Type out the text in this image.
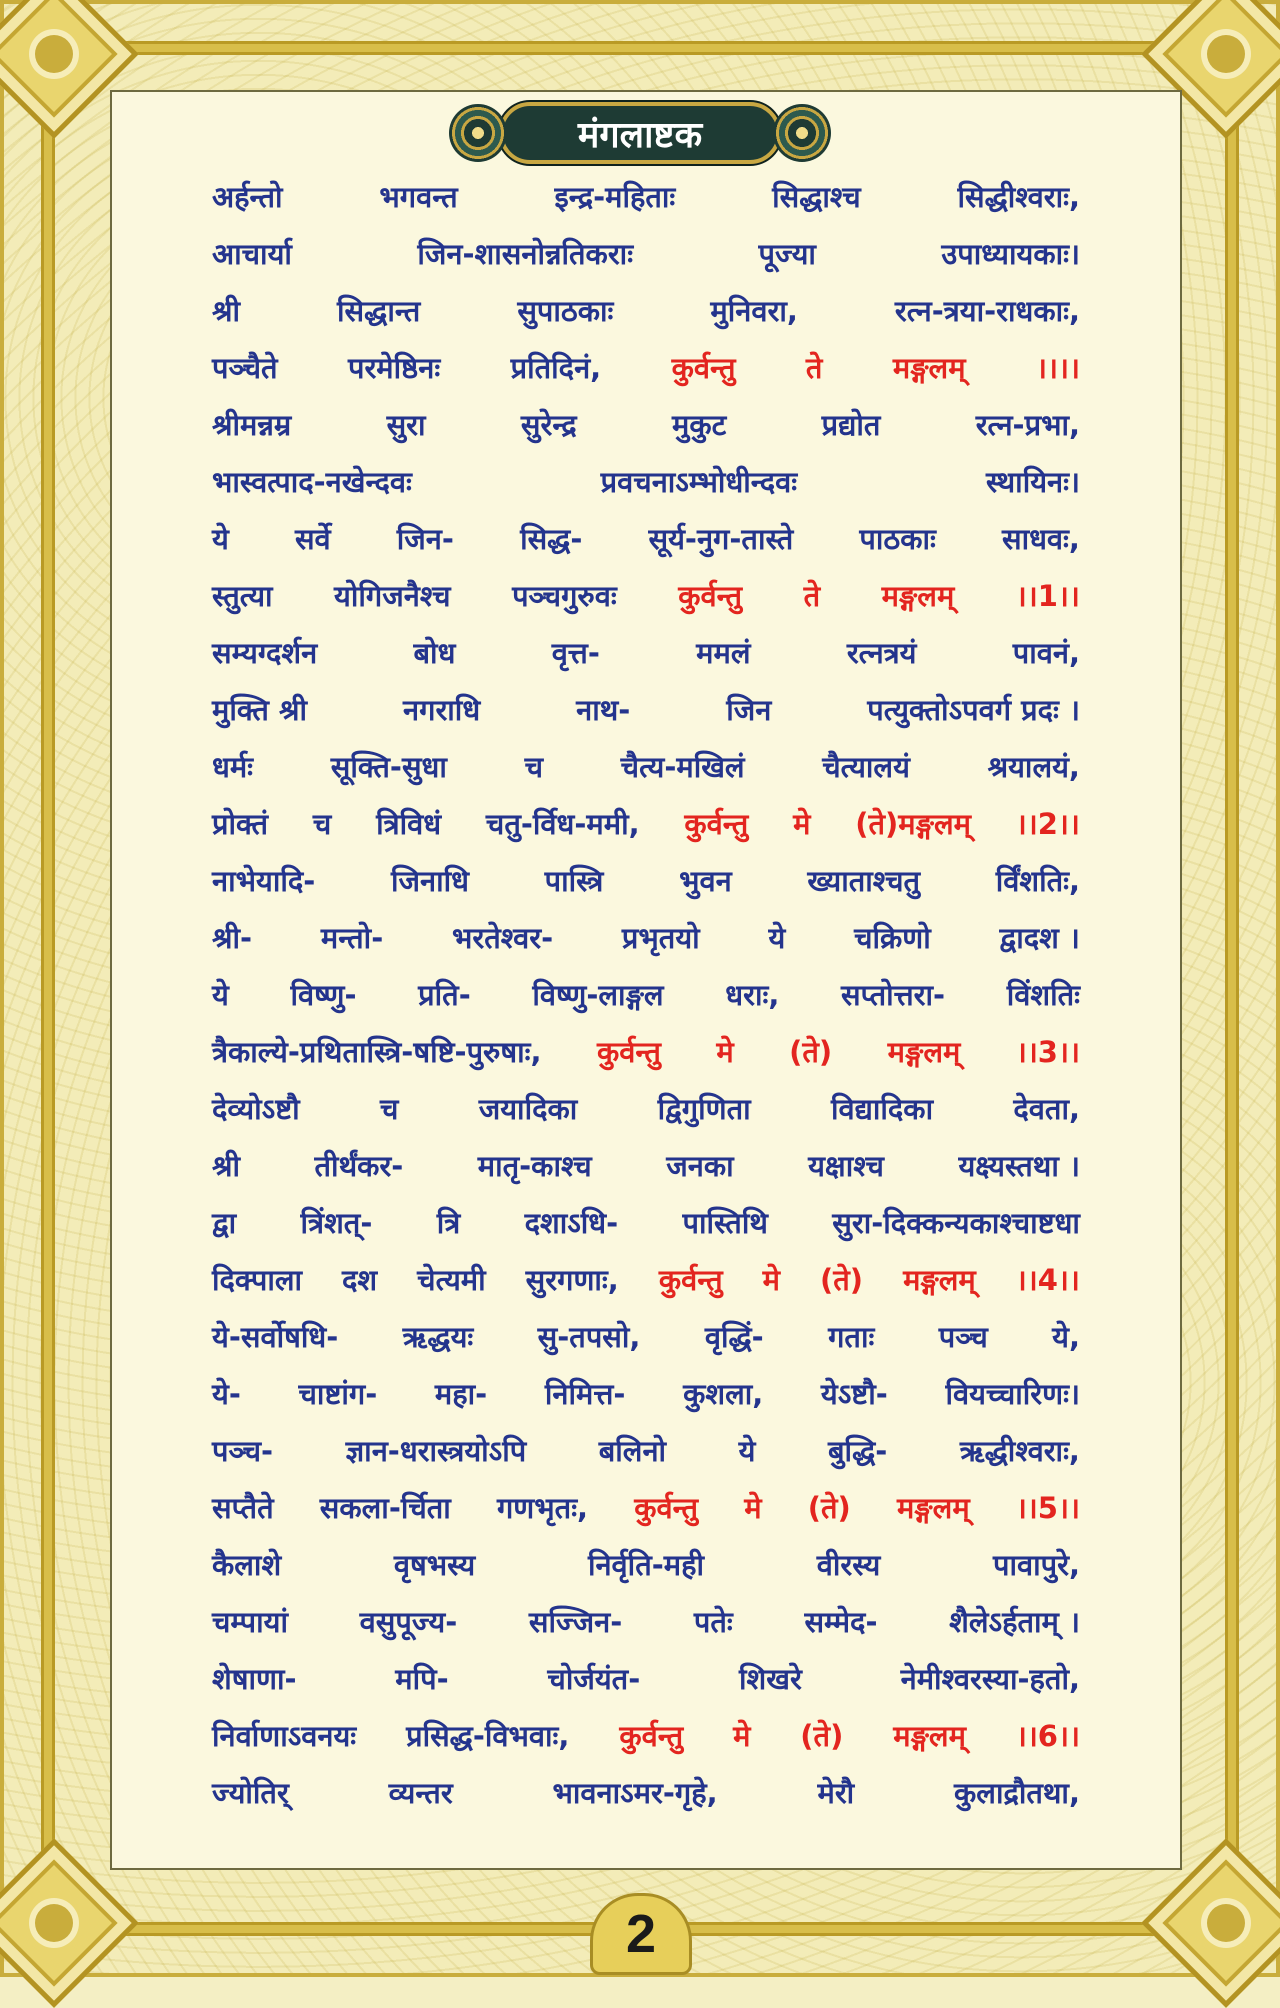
मंगलाष्टक
अर्हन्तो	भगवन्त	इन्द्र-महिताः	सिद्धाश्च	सिद्धीश्वराः,
आचार्या	जिन-शासनोन्नतिकराः	पूज्या	उपाध्यायकाः।
श्री	सिद्धान्त	सुपाठकाः	मुनिवरा,	रत्न-त्रया-राधकाः,
पञ्चैते परमेष्ठिनः प्रतिदिनं, कुर्वन्तु ते मङ्गलम् ।।।।
श्रीमन्नम्र	सुरा	सुरेन्द्र	मुकुट	प्रद्योत	रत्न-प्रभा,
भास्वत्पाद-नखेन्दवः	प्रवचनाऽम्भोधीन्दवः	स्थायिनः।
ये सर्वे जिन- सिद्ध- सूर्य-नुग-तास्ते पाठकाः साधवः,
स्तुत्या योगिजनैश्च पञ्चगुरुवः कुर्वन्तु ते मङ्गलम् ।।1।।
सम्यग्दर्शन	बोध	वृत्त-	ममलं	रत्नत्रयं	पावनं,
मुक्ति श्री	नगराधि	नाथ-	जिन	पत्युक्तोऽपवर्ग प्रदः ।
धर्मः	सूक्ति-सुधा	च	चैत्य-मखिलं	चैत्यालयं	श्रयालयं,
प्रोक्तं च त्रिविधं चतु-र्विध-ममी, कुर्वन्तु मे (ते)मङ्गलम् ।।2।।
नाभेयादि-	जिनाधि	पास्त्रि	भुवन	ख्याताश्चतु	र्विंशतिः,
श्री- मन्तो- भरतेश्वर- प्रभृतयो ये चक्रिणो द्वादश ।
ये विष्णु- प्रति- विष्णु-लाङ्गल धराः, सप्तोत्तरा- विंशतिः
त्रैकाल्ये-प्रथितास्त्रि-षष्टि-पुरुषाः, कुर्वन्तु मे (ते) मङ्गलम् ।।3।।
देव्योऽष्टौ	च	जयादिका	द्विगुणिता	विद्यादिका	देवता,
श्री	तीर्थंकर-	मातृ-काश्च	जनका	यक्षाश्च	यक्ष्यस्तथा ।
द्वा त्रिंशत्- त्रि दशाऽधि- पास्तिथि सुरा-दिक्कन्यकाश्चाष्टधा
दिक्पाला दश चेत्यमी सुरगणाः, कुर्वन्तु मे (ते) मङ्गलम् ।।4।।
ये-सर्वोषधि- ऋद्धयः सु-तपसो, वृद्धिं- गताः पञ्च ये,
ये- चाष्टांग- महा- निमित्त- कुशला, येऽष्टौ- वियच्चारिणः।
पञ्च-	ज्ञान-धरास्त्रयोऽपि	बलिनो	ये	बुद्धि-	ऋद्धीश्वराः,
सप्तैते सकला-र्चिता गणभृतः, कुर्वन्तु मे (ते) मङ्गलम् ।।5।।
कैलाशे	वृषभस्य	निर्वृति-मही	वीरस्य	पावापुरे,
चम्पायां वसुपूज्य- सज्जिन- पतेः सम्मेद- शैलेऽर्हताम् ।
शेषाणा-	मपि-	चोर्जयंत-	शिखरे	नेमीश्वरस्या-हतो,
निर्वाणाऽवनयः प्रसिद्ध-विभवाः, कुर्वन्तु मे (ते) मङ्गलम् ।।6।।
ज्योतिर्	व्यन्तर	भावनाऽमर-गृहे,	मेरौ	कुलाद्रौतथा,
2
